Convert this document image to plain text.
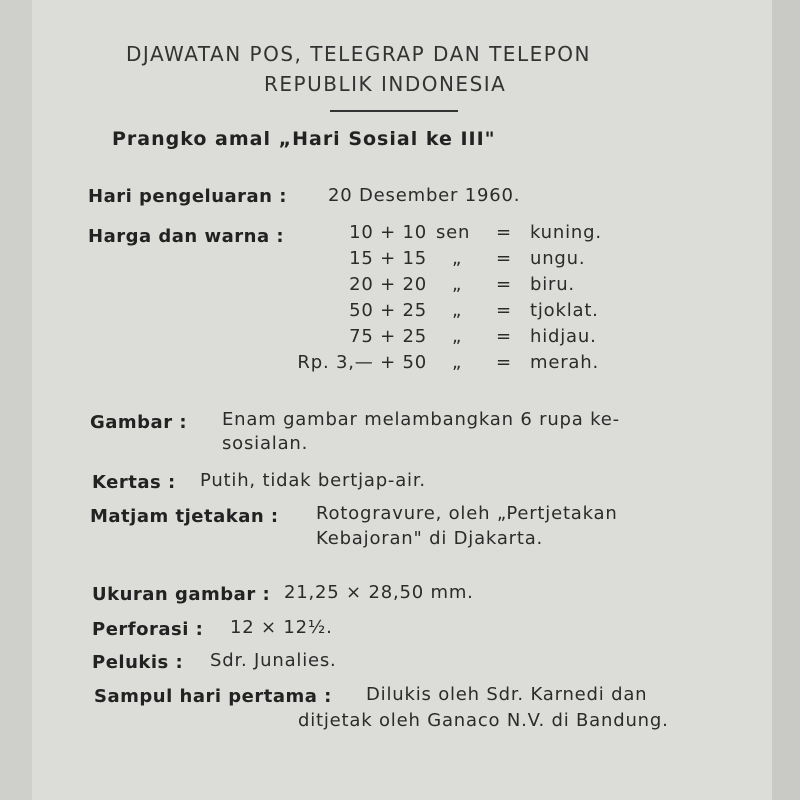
DJAWATAN POS, TELEGRAP DAN TELEPON
REPUBLIK INDONESIA
Prangko amal „Hari Sosial ke III"
Hari pengeluaran : 20 Desember 1960.
Harga dan warna :	10 + 10 sen = kuning.
15 + 15 „ = ungu.
20 + 20 „ = biru.
50 + 25 „ = tjoklat.
75 + 25 „ = hidjau.
Rp. 3,— + 50 „ = merah.
Gambar : Enam gambar melambangkan 6 rupa ke-
sosialan.
Kertas : Putih, tidak bertjap-air.
Matjam tjetakan : Rotogravure, oleh „Pertjetakan
Kebajoran" di Djakarta.
Ukuran gambar : 21,25 × 28,50 mm.
Perforasi : 12 × 12½.
Pelukis : Sdr. Junalies.
Sampul hari pertama : Dilukis oleh Sdr. Karnedi dan
ditjetak oleh Ganaco N.V. di Bandung.
